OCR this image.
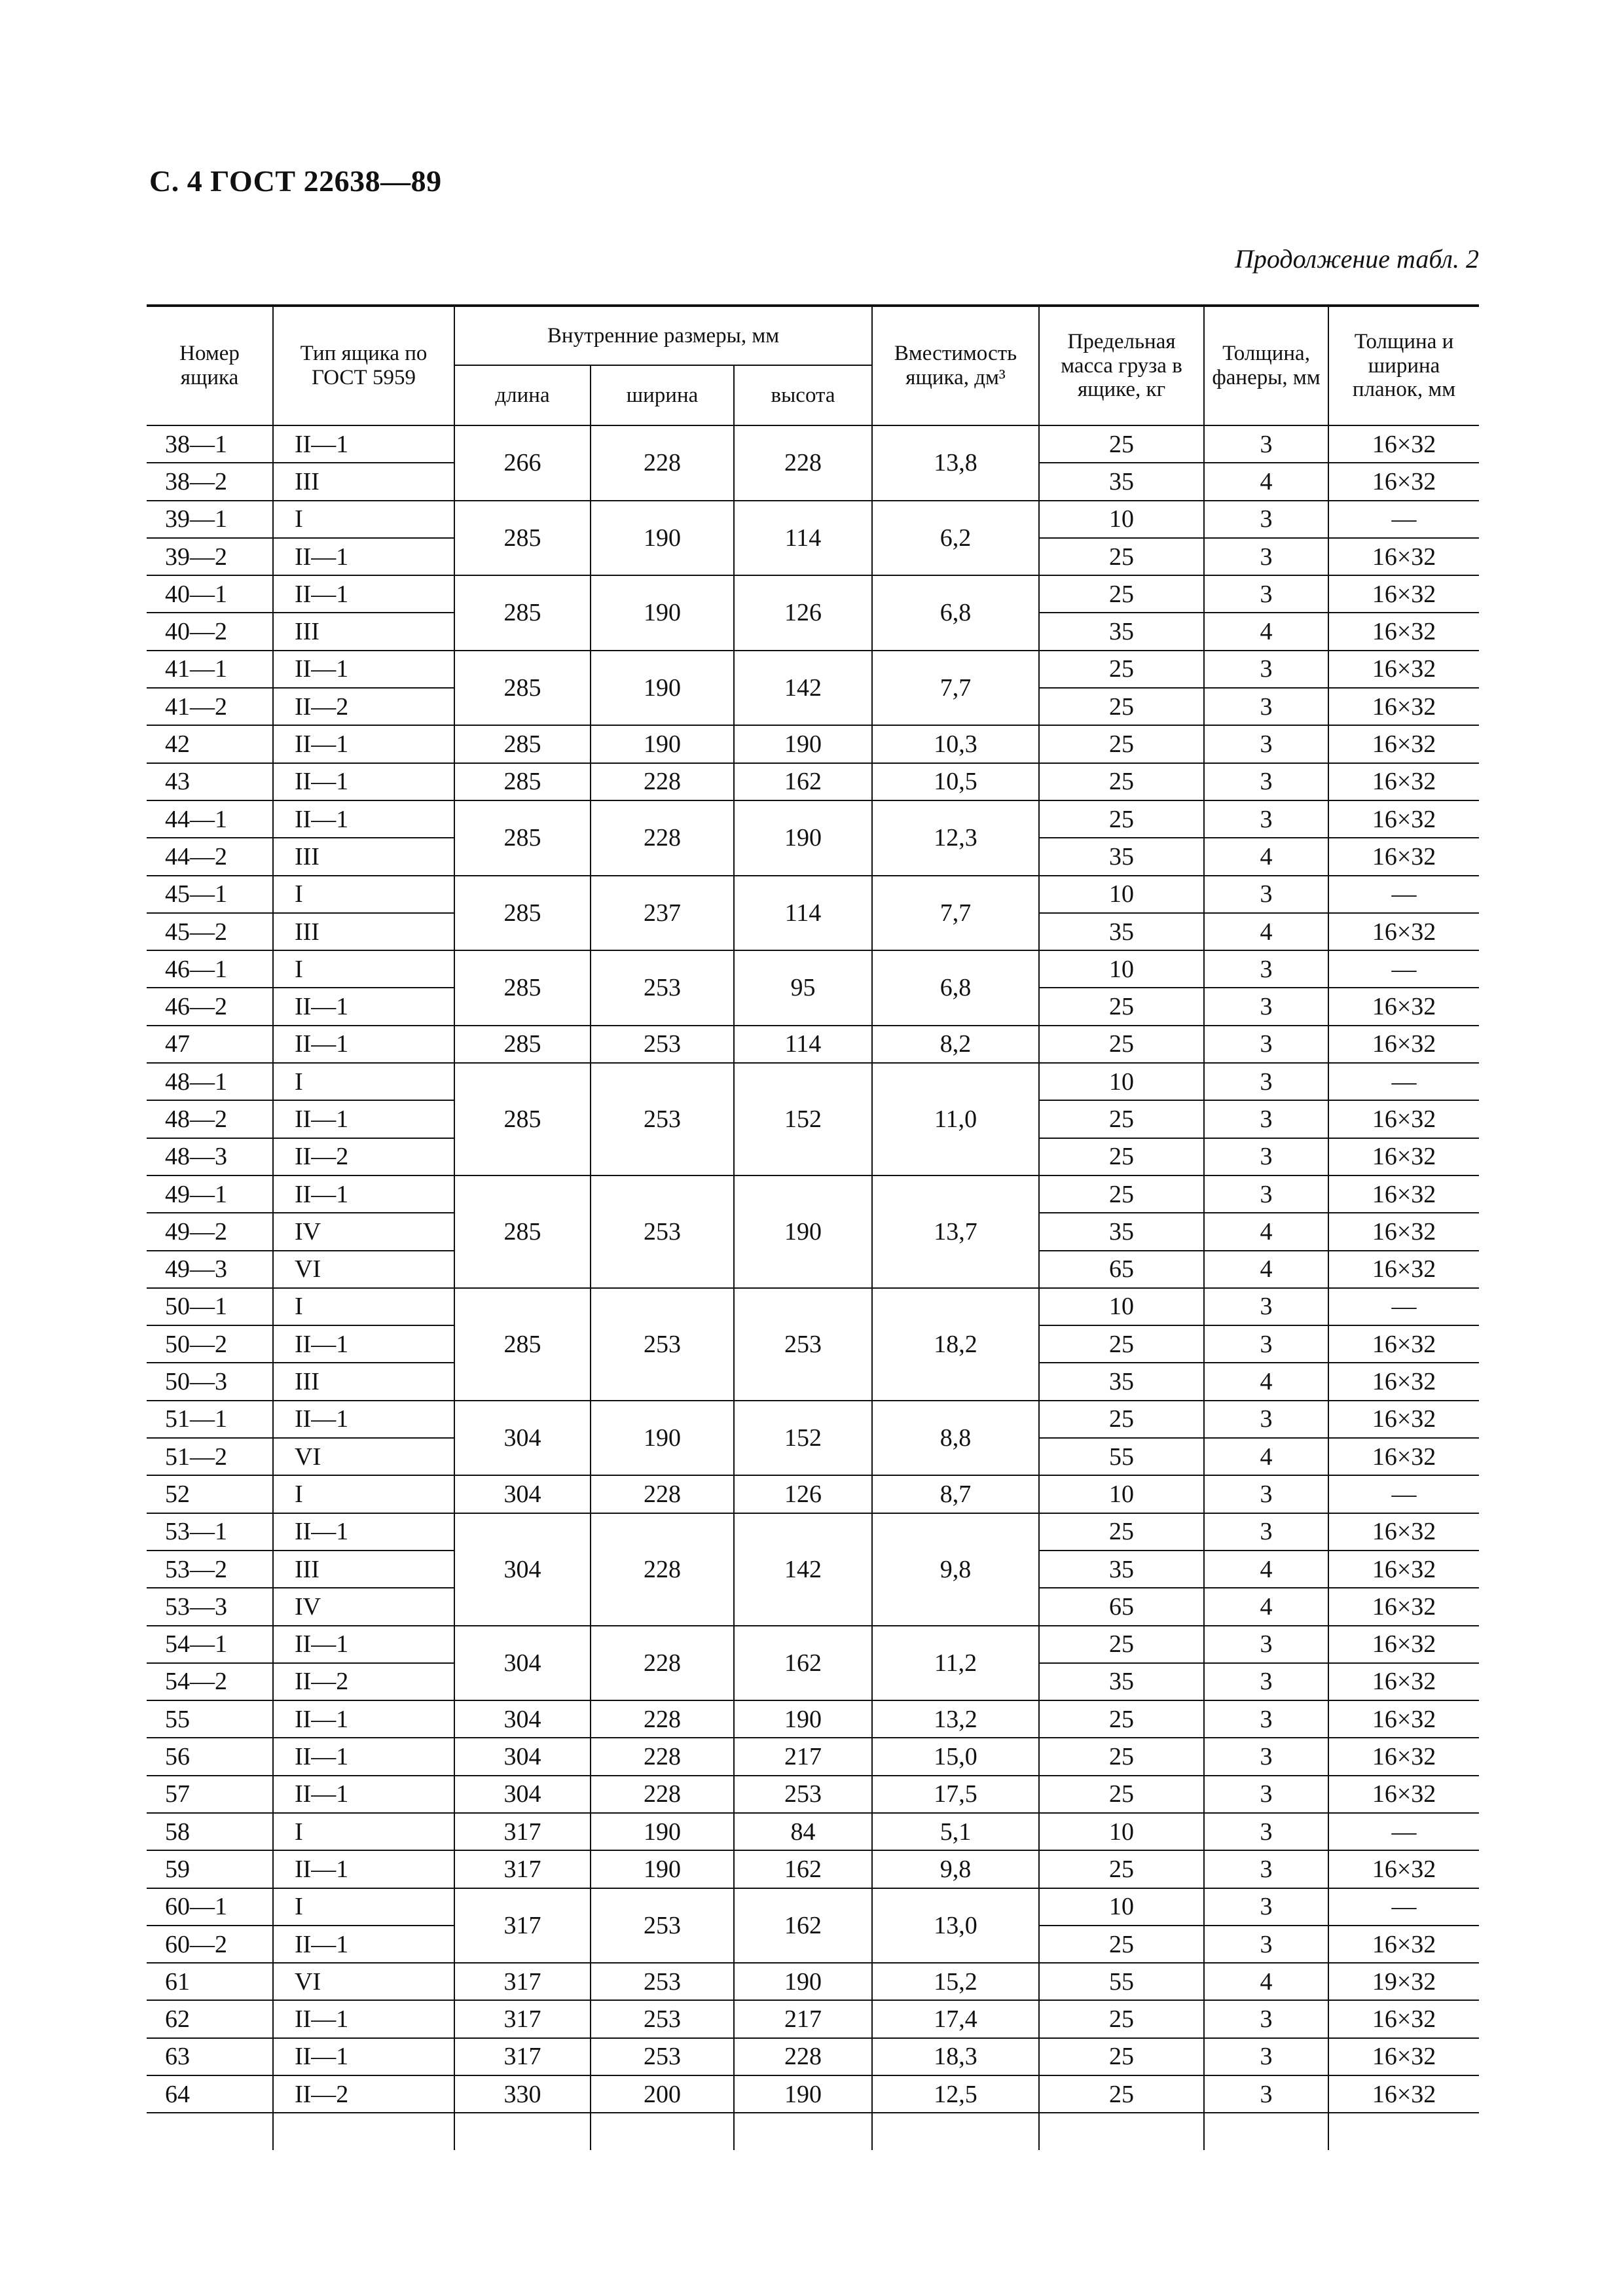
С. 4 ГОСТ 22638—89
Продолжение табл. 2
Номер ящика	Тип ящика по ГОСТ 5959	Внутренние размеры, мм			Вместимость ящика, дм³	Предельная масса груза в ящике, кг	Толщина, фанеры, мм	Толщина и ширина планок, мм
		длина	ширина	высота				
38—1	II—1	266	228	228	13,8	25	3	16×32
38—2	III					35	4	16×32
39—1	I	285	190	114	6,2	10	3	—
39—2	II—1					25	3	16×32
40—1	II—1	285	190	126	6,8	25	3	16×32
40—2	III					35	4	16×32
41—1	II—1	285	190	142	7,7	25	3	16×32
41—2	II—2					25	3	16×32
42	II—1	285	190	190	10,3	25	3	16×32
43	II—1	285	228	162	10,5	25	3	16×32
44—1	II—1	285	228	190	12,3	25	3	16×32
44—2	III					35	4	16×32
45—1	I	285	237	114	7,7	10	3	—
45—2	III					35	4	16×32
46—1	I	285	253	95	6,8	10	3	—
46—2	II—1					25	3	16×32
47	II—1	285	253	114	8,2	25	3	16×32
48—1	I	285	253	152	11,0	10	3	—
48—2	II—1					25	3	16×32
48—3	II—2					25	3	16×32
49—1	II—1	285	253	190	13,7	25	3	16×32
49—2	IV					35	4	16×32
49—3	VI					65	4	16×32
50—1	I	285	253	253	18,2	10	3	—
50—2	II—1					25	3	16×32
50—3	III					35	4	16×32
51—1	II—1	304	190	152	8,8	25	3	16×32
51—2	VI					55	4	16×32
52	I	304	228	126	8,7	10	3	—
53—1	II—1	304	228	142	9,8	25	3	16×32
53—2	III					35	4	16×32
53—3	IV					65	4	16×32
54—1	II—1	304	228	162	11,2	25	3	16×32
54—2	II—2					35	3	16×32
55	II—1	304	228	190	13,2	25	3	16×32
56	II—1	304	228	217	15,0	25	3	16×32
57	II—1	304	228	253	17,5	25	3	16×32
58	I	317	190	84	5,1	10	3	—
59	II—1	317	190	162	9,8	25	3	16×32
60—1	I	317	253	162	13,0	10	3	—
60—2	II—1					25	3	16×32
61	VI	317	253	190	15,2	55	4	19×32
62	II—1	317	253	217	17,4	25	3	16×32
63	II—1	317	253	228	18,3	25	3	16×32
64	II—2	330	200	190	12,5	25	3	16×32
